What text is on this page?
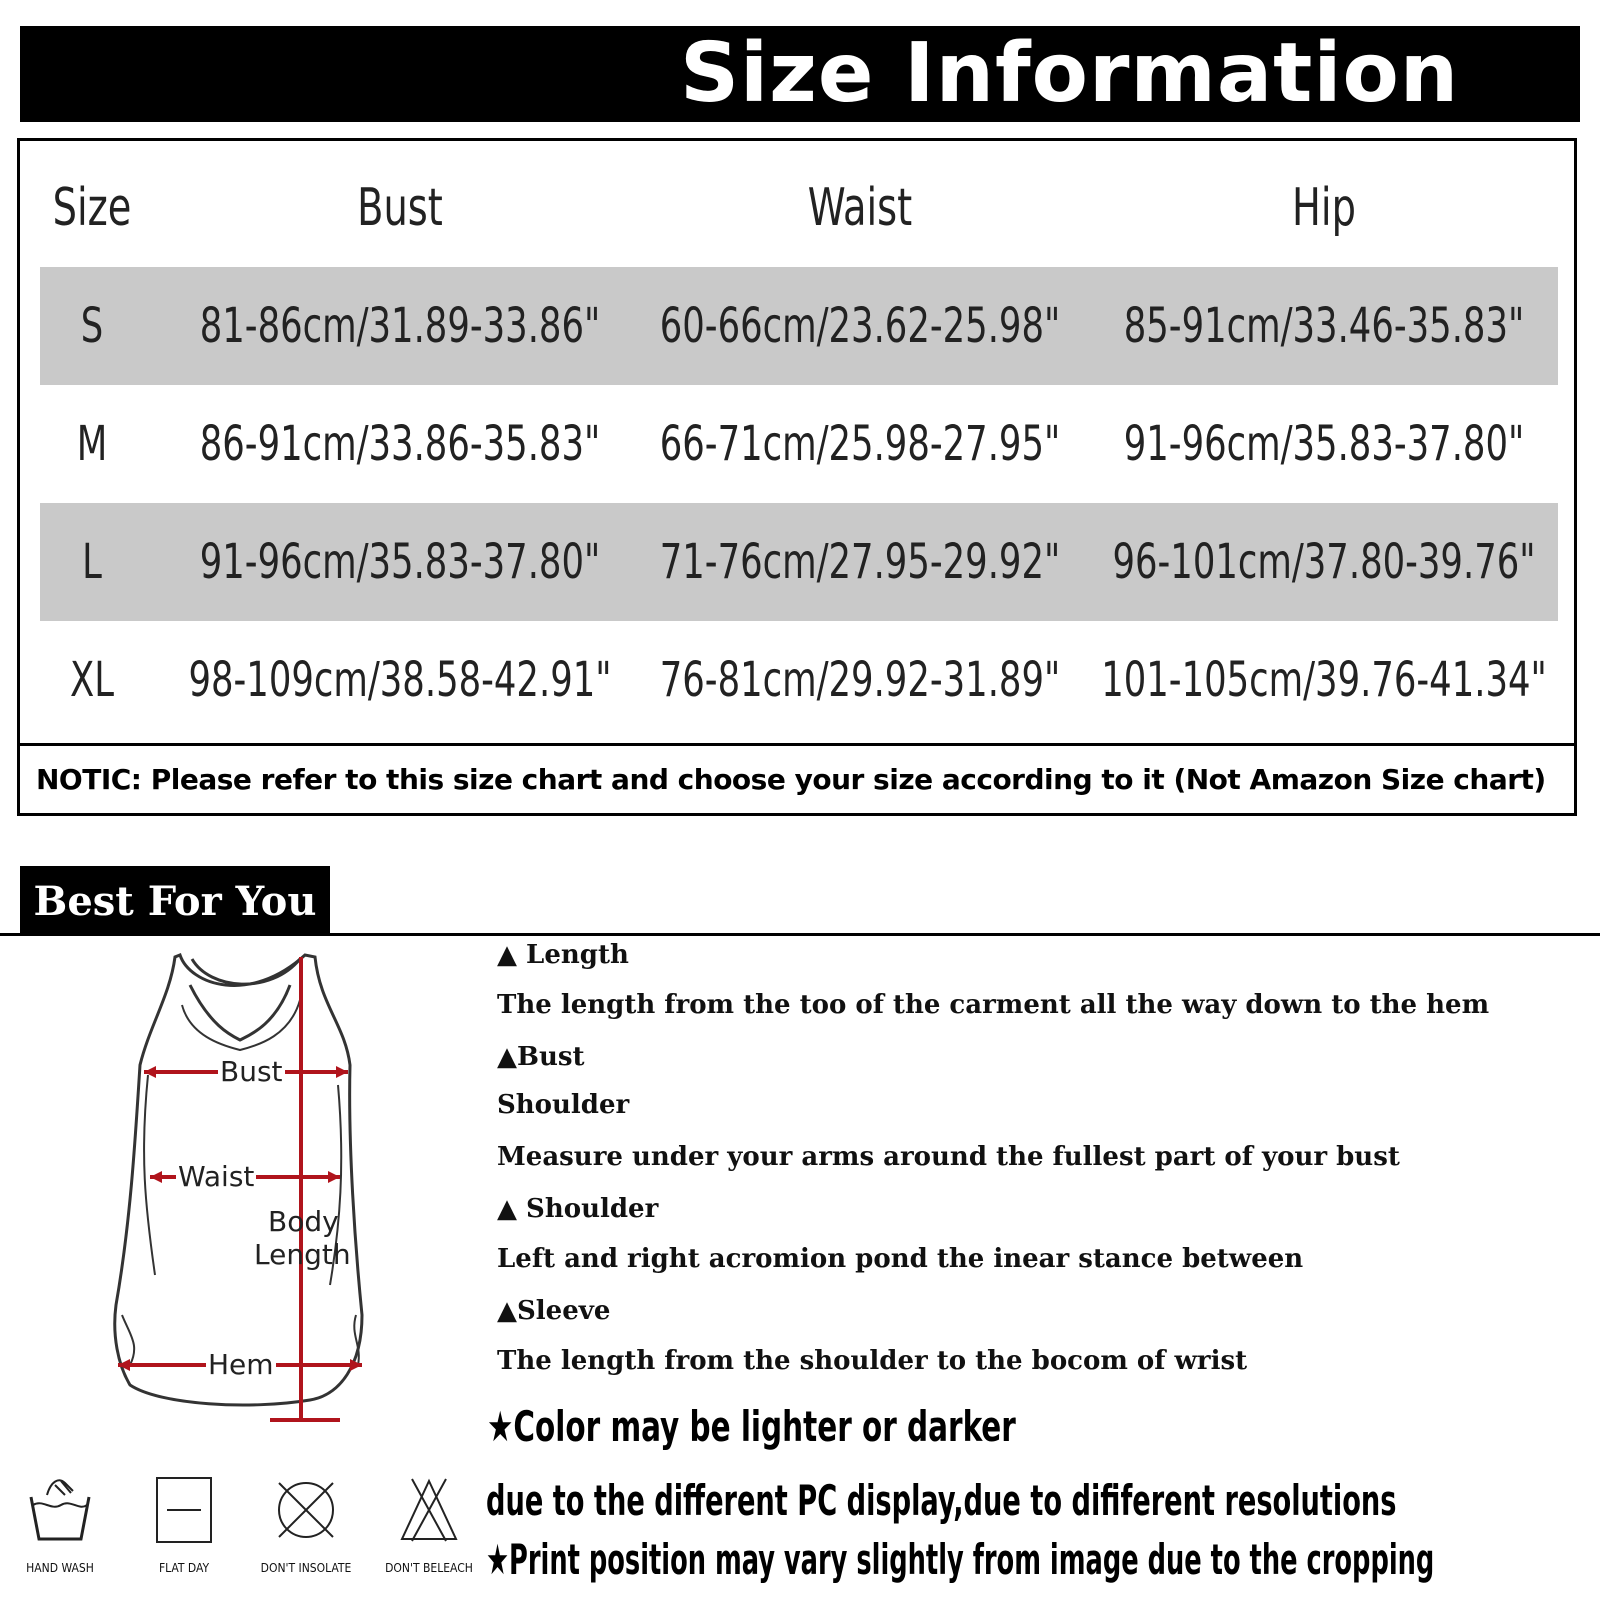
Size Information
Size	Bust	Waist	Hip
S	81-86cm/31.89-33.86" 60-66cm/23.62-25.98" 85-91cm/33.46-35.83"
M	86-91cm/33.86-35.83" 66-71cm/25.98-27.95" 91-96cm/35.83-37.80"
L	91-96cm/35.83-37.80" 71-76cm/27.95-29.92" 96-101cm/37.80-39.76"
XL	98-109cm/38.58-42.91" 76-81cm/29.92-31.89" 101-105cm/39.76-41.34"
NOTIC: Please refer to this size chart and choose your size according to it (Not Amazon Size chart)
Best For You
Bust
Waist
Body
Length
Hem
▲ Length
The length from the too of the carment all the way down to the hem
▲Bust
Shoulder
Measure under your arms around the fullest part of your bust
▲ Shoulder
Left and right acromion pond the inear stance between
▲Sleeve
The length from the shoulder to the bocom of wrist
★Color may be lighter or darker
due to the different PC display,due to dififerent resolutions
★Print position may vary slightly from image due to the cropping
HAND WASH	FLAT DAY	DON'T INSOLATE	DON'T BELEACH
